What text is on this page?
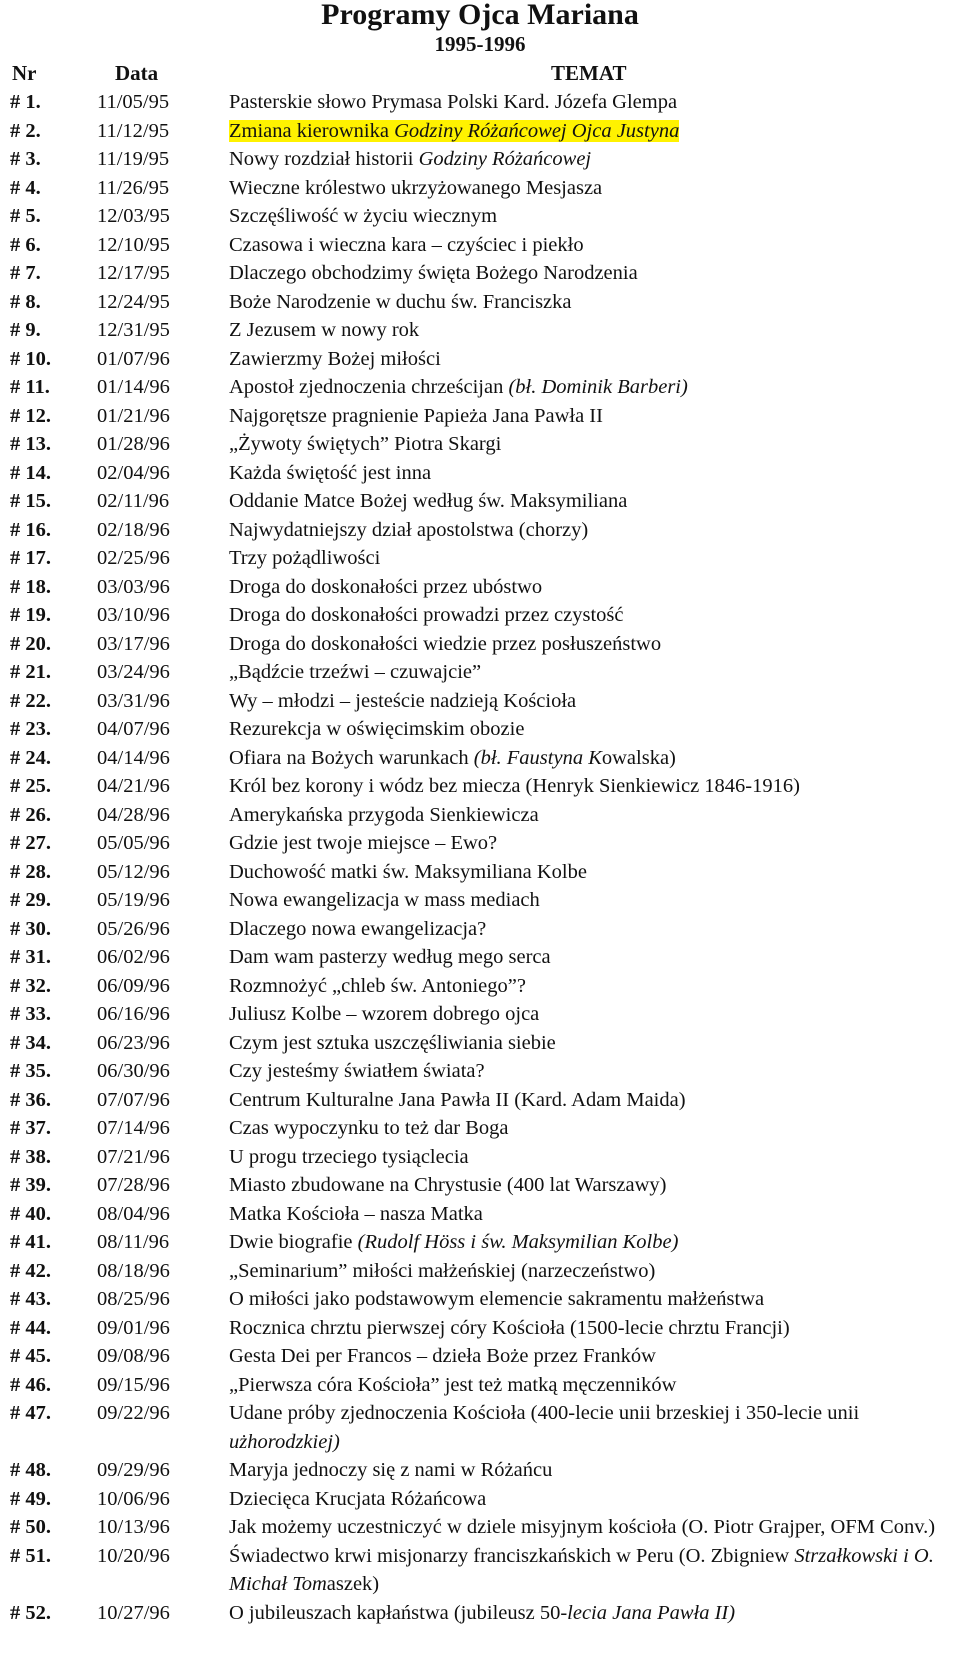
Programy Ojca Mariana
1995-1996
Nr	Data	TEMAT
# 1.	11/05/95	Pasterskie słowo Prymasa Polski Kard. Józefa Glempa
# 2.	11/12/95	Zmiana kierownika Godziny Różańcowej Ojca Justyna
# 3.	11/19/95	Nowy rozdział historii Godziny Różańcowej
# 4.	11/26/95	Wieczne królestwo ukrzyżowanego Mesjasza
# 5.	12/03/95	Szczęśliwość w życiu wiecznym
# 6.	12/10/95	Czasowa i wieczna kara – czyściec i piekło
# 7.	12/17/95	Dlaczego obchodzimy święta Bożego Narodzenia
# 8.	12/24/95	Boże Narodzenie w duchu św. Franciszka
# 9.	12/31/95	Z Jezusem w nowy rok
# 10. 01/07/96	Zawierzmy Bożej miłości
# 11. 01/14/96	Apostoł zjednoczenia chrześcijan (bł. Dominik Barberi)
# 12. 01/21/96	Najgorętsze pragnienie Papieża Jana Pawła II
# 13. 01/28/96	„Żywoty świętych” Piotra Skargi
# 14. 02/04/96	Każda świętość jest inna
# 15. 02/11/96	Oddanie Matce Bożej według św. Maksymiliana
# 16. 02/18/96	Najwydatniejszy dział apostolstwa (chorzy)
# 17. 02/25/96	Trzy pożądliwości
# 18. 03/03/96	Droga do doskonałości przez ubóstwo
# 19. 03/10/96	Droga do doskonałości prowadzi przez czystość
# 20. 03/17/96	Droga do doskonałości wiedzie przez posłuszeństwo
# 21. 03/24/96	„Bądźcie trzeźwi – czuwajcie”
# 22. 03/31/96	Wy – młodzi – jesteście nadzieją Kościoła
# 23. 04/07/96	Rezurekcja w oświęcimskim obozie
# 24. 04/14/96	Ofiara na Bożych warunkach (bł. Faustyna Kowalska)
# 25. 04/21/96	Król bez korony i wódz bez miecza (Henryk Sienkiewicz 1846-1916)
# 26. 04/28/96	Amerykańska przygoda Sienkiewicza
# 27. 05/05/96	Gdzie jest twoje miejsce – Ewo?
# 28. 05/12/96	Duchowość matki św. Maksymiliana Kolbe
# 29. 05/19/96	Nowa ewangelizacja w mass mediach
# 30. 05/26/96	Dlaczego nowa ewangelizacja?
# 31. 06/02/96	Dam wam pasterzy według mego serca
# 32. 06/09/96	Rozmnożyć „chleb św. Antoniego”?
# 33. 06/16/96	Juliusz Kolbe – wzorem dobrego ojca
# 34. 06/23/96	Czym jest sztuka uszczęśliwiania siebie
# 35. 06/30/96	Czy jesteśmy światłem świata?
# 36. 07/07/96	Centrum Kulturalne Jana Pawła II (Kard. Adam Maida)
# 37. 07/14/96	Czas wypoczynku to też dar Boga
# 38. 07/21/96	U progu trzeciego tysiąclecia
# 39. 07/28/96	Miasto zbudowane na Chrystusie (400 lat Warszawy)
# 40. 08/04/96	Matka Kościoła – nasza Matka
# 41. 08/11/96	Dwie biografie (Rudolf Höss i św. Maksymilian Kolbe)
# 42. 08/18/96	„Seminarium” miłości małżeńskiej (narzeczeństwo)
# 43. 08/25/96	O miłości jako podstawowym elemencie sakramentu małżeństwa
# 44. 09/01/96	Rocznica chrztu pierwszej córy Kościoła (1500-lecie chrztu Francji)
# 45. 09/08/96	Gesta Dei per Francos – dzieła Boże przez Franków
# 46. 09/15/96	„Pierwsza córa Kościoła” jest też matką męczenników
# 47. 09/22/96	Udane próby zjednoczenia Kościoła (400-lecie unii brzeskiej i 350-lecie unii użhorodzkiej)
# 48. 09/29/96	Maryja jednoczy się z nami w Różańcu
# 49. 10/06/96	Dziecięca Krucjata Różańcowa
# 50. 10/13/96	Jak możemy uczestniczyć w dziele misyjnym kościoła (O. Piotr Grajper, OFM Conv.)
# 51. 10/20/96	Świadectwo krwi misjonarzy franciszkańskich w Peru (O. Zbigniew Strzałkowski i O. Michał Tomaszek)
# 52. 10/27/96	O jubileuszach kapłaństwa (jubileusz 50-lecia Jana Pawła II)
